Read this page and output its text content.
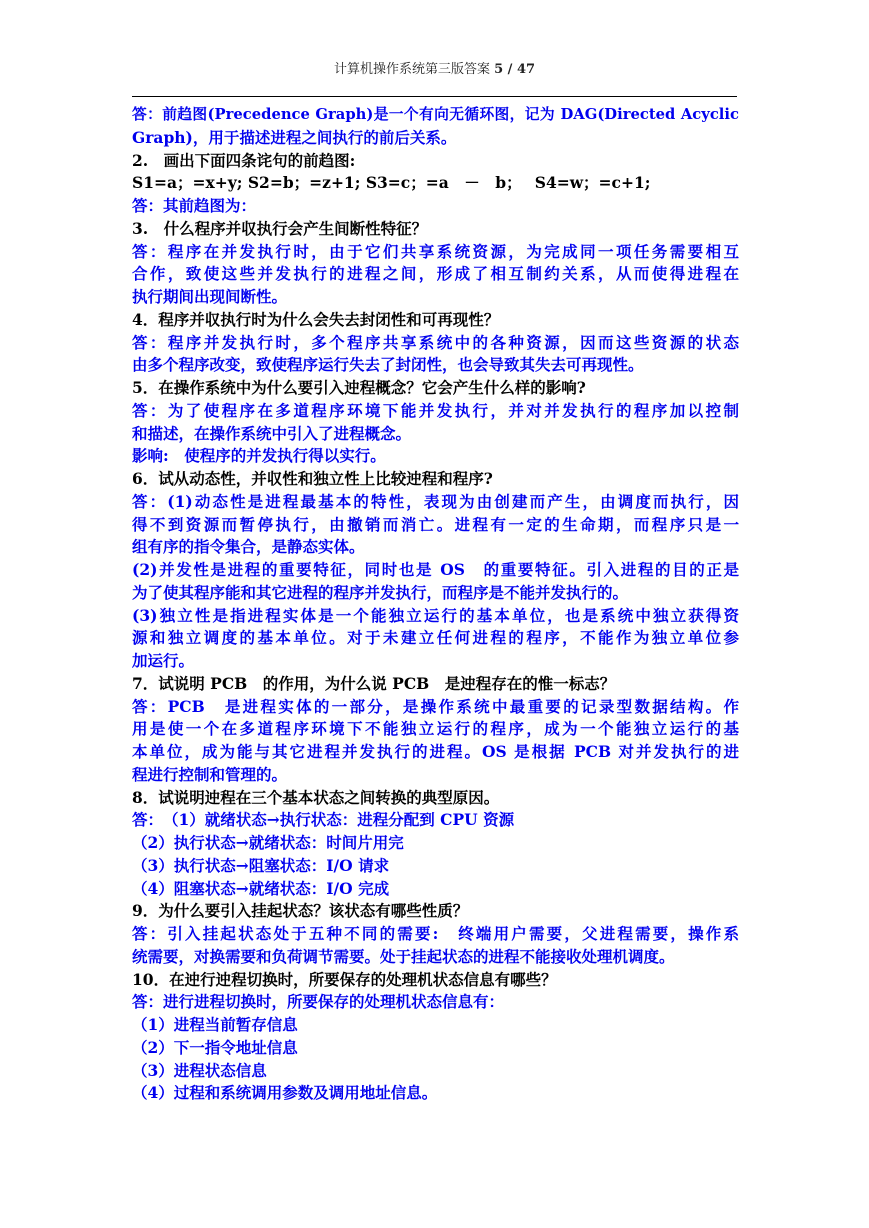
计算机操作系统第三版答案 5 / 47
答：前趋图(Precedence Graph)是一个有向无循环图，记为 DAG(Directed Acyclic
Graph)，用于描述进程之间执行的前后关系。
2.　画出下面四条诧句的前趋图:
S1=a；=x+y; S2=b；=z+1; S3=c；=a　－　b；　 S4=w；=c+1;
答：其前趋图为：
3.　什么程序并収执行会产生间断性特征？
答：程序在并发执行时，由于它们共享系统资源，为完成同一项任务需要相互
合作，致使这些并发执行的进程之间，形成了相互制约关系，从而使得进程在
执行期间出现间断性。
4．程序并収执行时为什么会失去封闭性和可再现性？
答：程序并发执行时，多个程序共享系统中的各种资源，因而这些资源的状态
由多个程序改变，致使程序运行失去了封闭性，也会导致其失去可再现性。
5．在操作系统中为什么要引入迚程概念？它会产生什么样的影响?
答：为了使程序在多道程序环境下能并发执行，并对并发执行的程序加以控制
和描述，在操作系统中引入了进程概念。
影响:　使程序的并发执行得以实行。
6．试从动态性，并収性和独立性上比较迚程和程序?
答：(1)动态性是进程最基本的特性，表现为由创建而产生，由调度而执行，因
得不到资源而暂停执行，由撤销而消亡。进程有一定的生命期，而程序只是一
组有序的指令集合，是静态实体。
(2)并发性是进程的重要特征，同时也是 OS　的重要特征。引入进程的目的正是
为了使其程序能和其它进程的程序并发执行，而程序是不能并发执行的。
(3)独立性是指进程实体是一个能独立运行的基本单位，也是系统中独立获得资
源和独立调度的基本单位。对于未建立任何进程的程序，不能作为独立单位参
加运行。
7．试说明 PCB　的作用，为什么说 PCB　是迚程存在的惟一标志？
答：PCB　是进程实体的一部分，是操作系统中最重要的记录型数据结构。作
用是使一个在多道程序环境下不能独立运行的程序，成为一个能独立运行的基
本单位，成为能与其它进程并发执行的进程。OS 是根据 PCB 对并发执行的进
程进行控制和管理的。
8．试说明迚程在三个基本状态之间转换的典型原因。
答：　（1）就绪状态→执行状态：进程分配到 CPU 资源
（2）执行状态→就绪状态：时间片用完
（3）执行状态→阻塞状态：I/O 请求
（4）阻塞状态→就绪状态：I/O 完成
9．为什么要引入挂起状态？该状态有哪些性质？
答：引入挂起状态处于五种不同的需要:　终端用户需要，父进程需要，操作系
统需要，对换需要和负荷调节需要。处于挂起状态的进程不能接收处理机调度。
10．在迚行迚程切换时，所要保存的处理机状态信息有哪些？
答：进行进程切换时，所要保存的处理机状态信息有：
（1）进程当前暂存信息
（2）下一指令地址信息
（3）进程状态信息
（4）过程和系统调用参数及调用地址信息。
